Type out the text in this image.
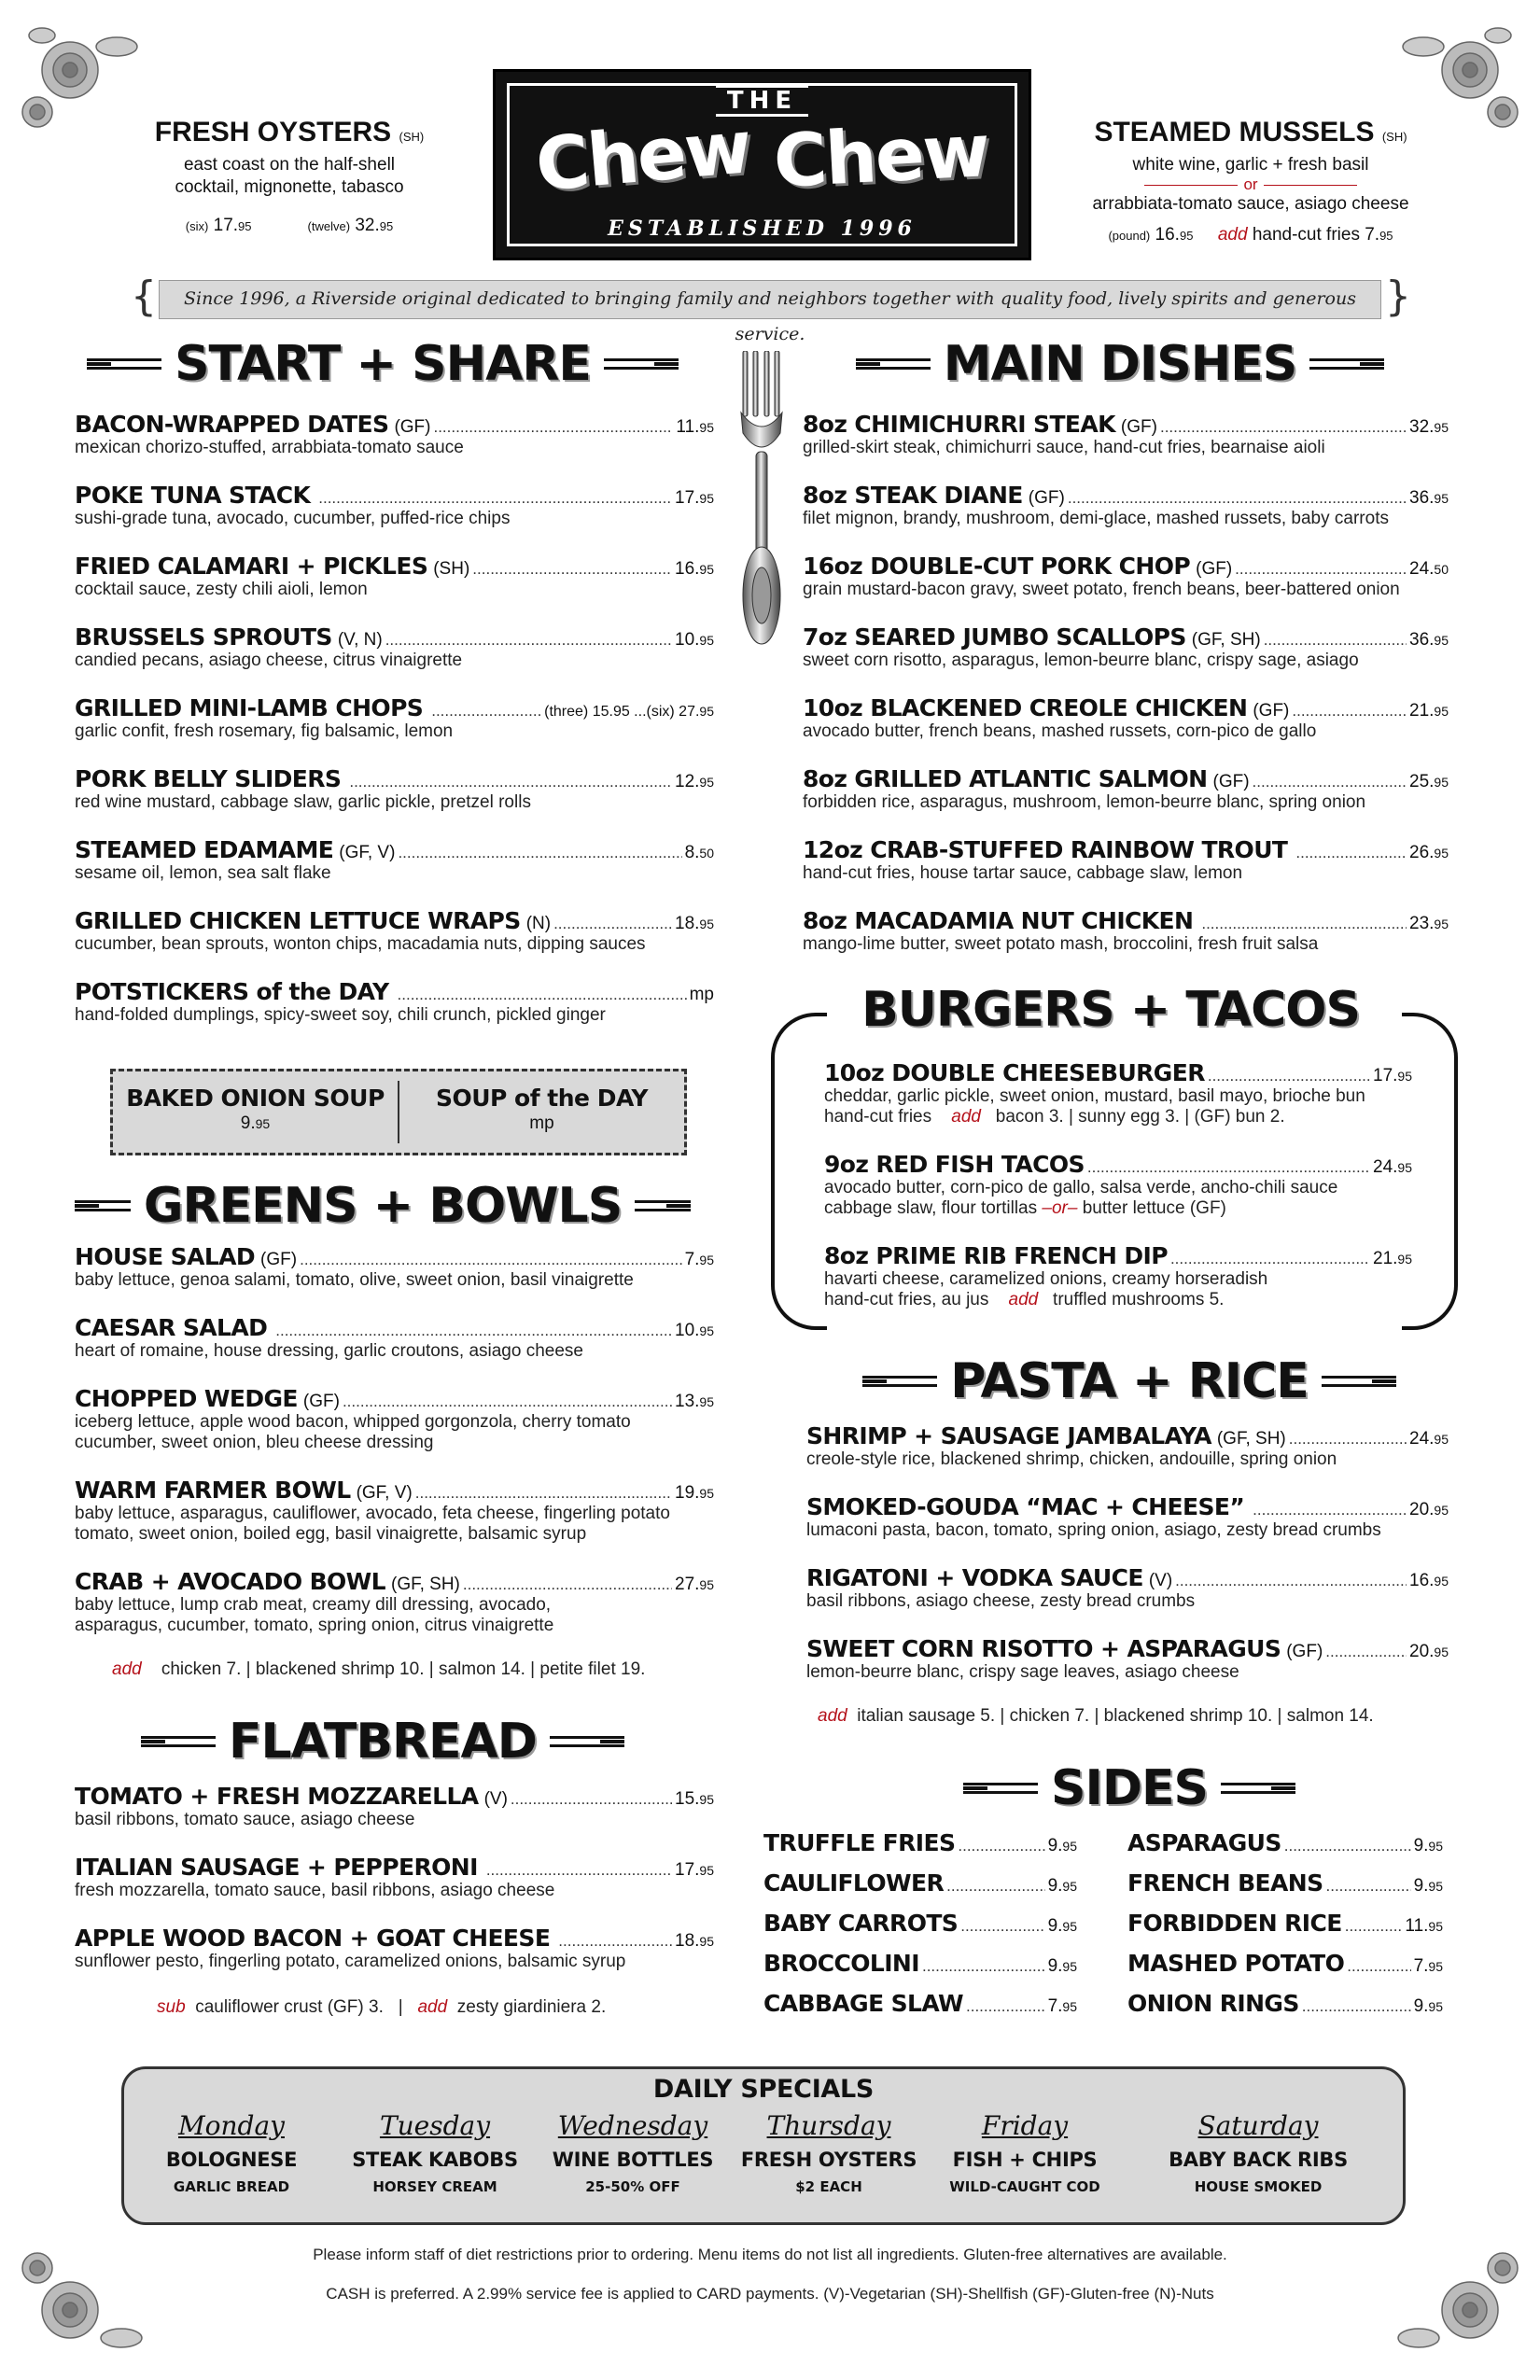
FRESH OYSTERS (SH)
east coast on the half-shell
cocktail, mignonette, tabasco
(six) 17.95	(twelve) 32.95
THE
Chew Chew
ESTABLISHED 1996
STEAMED MUSSELS (SH)
white wine, garlic + fresh basil
or
arrabbiata-tomato sauce, asiago cheese
(pound) 16.95 add hand-cut fries 7.95
{	Since 1996, a Riverside original dedicated to bringing family and neighbors together with quality food, lively spirits and generous service.
}
START + SHARE	MAIN DISHES
BACON-WRAPPED DATES (GF) .....	11.95
mexican chorizo-stuffed, arrabbiata-tomato sauce
POKE TUNA STACK .....	17.95
sushi-grade tuna, avocado, cucumber, puffed-rice chips
FRIED CALAMARI + PICKLES (SH) .....	16.95
cocktail sauce, zesty chili aioli, lemon
BRUSSELS SPROUTS (V, N) .....	10.95
candied pecans, asiago cheese, citrus vinaigrette
GRILLED MINI-LAMB CHOPS .....	(three) 15.95 ...(six) 27.95
garlic confit, fresh rosemary, fig balsamic, lemon
PORK BELLY SLIDERS .....	12.95
red wine mustard, cabbage slaw, garlic pickle, pretzel rolls
STEAMED EDAMAME (GF, V) .....	8.50
sesame oil, lemon, sea salt flake
GRILLED CHICKEN LETTUCE WRAPS (N) .....	18.95
cucumber, bean sprouts, wonton chips, macadamia nuts, dipping sauces
POTSTICKERS of the DAY .....	mp
hand-folded dumplings, spicy-sweet soy, chili crunch, pickled ginger
BAKED ONION SOUP
9.95
SOUP of the DAY
mp
GREENS + BOWLS
HOUSE SALAD (GF) .....	7.95
baby lettuce, genoa salami, tomato, olive, sweet onion, basil vinaigrette
CAESAR SALAD .....	10.95
heart of romaine, house dressing, garlic croutons, asiago cheese
CHOPPED WEDGE (GF) .....	13.95
iceberg lettuce, apple wood bacon, whipped gorgonzola, cherry tomato
cucumber, sweet onion, bleu cheese dressing
WARM FARMER BOWL (GF, V) .....	19.95
baby lettuce, asparagus, cauliflower, avocado, feta cheese, fingerling potato
tomato, sweet onion, boiled egg, basil vinaigrette, balsamic syrup
CRAB + AVOCADO BOWL (GF, SH) .....	27.95
baby lettuce, lump crab meat, creamy dill dressing, avocado,
asparagus, cucumber, tomato, spring onion, citrus vinaigrette
add chicken 7. | blackened shrimp 10. | salmon 14. | petite filet 19.
FLATBREAD
TOMATO + FRESH MOZZARELLA (V) .....	15.95
basil ribbons, tomato sauce, asiago cheese
ITALIAN SAUSAGE + PEPPERONI .....	17.95
fresh mozzarella, tomato sauce, basil ribbons, asiago cheese
APPLE WOOD BACON + GOAT CHEESE .....	18.95
sunflower pesto, fingerling potato, caramelized onions, balsamic syrup
sub cauliflower crust (GF) 3. | add zesty giardiniera 2.
8oz CHIMICHURRI STEAK (GF) .....	32.95
grilled-skirt steak, chimichurri sauce, hand-cut fries, bearnaise aioli
8oz STEAK DIANE (GF) .....	36.95
filet mignon, brandy, mushroom, demi-glace, mashed russets, baby carrots
16oz DOUBLE-CUT PORK CHOP (GF) .....	24.50
grain mustard-bacon gravy, sweet potato, french beans, beer-battered onion
7oz SEARED JUMBO SCALLOPS (GF, SH) .....	36.95
sweet corn risotto, asparagus, lemon-beurre blanc, crispy sage, asiago
10oz BLACKENED CREOLE CHICKEN (GF) .....	21.95
avocado butter, french beans, mashed russets, corn-pico de gallo
8oz GRILLED ATLANTIC SALMON (GF) .....	25.95
forbidden rice, asparagus, mushroom, lemon-beurre blanc, spring onion
12oz CRAB-STUFFED RAINBOW TROUT .....	26.95
hand-cut fries, house tartar sauce, cabbage slaw, lemon
8oz MACADAMIA NUT CHICKEN .....	23.95
mango-lime butter, sweet potato mash, broccolini, fresh fruit salsa
BURGERS + TACOS
10oz DOUBLE CHEESEBURGER .....	17.95
cheddar, garlic pickle, sweet onion, mustard, basil mayo, brioche bun
hand-cut fries add bacon 3. | sunny egg 3. | (GF) bun 2.
9oz RED FISH TACOS .....	24.95
avocado butter, corn-pico de gallo, salsa verde, ancho-chili sauce
cabbage slaw, flour tortillas –or– butter lettuce (GF)
8oz PRIME RIB FRENCH DIP .....	21.95
havarti cheese, caramelized onions, creamy horseradish
hand-cut fries, au jus add truffled mushrooms 5.
PASTA + RICE
SHRIMP + SAUSAGE JAMBALAYA (GF, SH) .....	24.95
creole-style rice, blackened shrimp, chicken, andouille, spring onion
SMOKED-GOUDA “MAC + CHEESE” .....	20.95
lumaconi pasta, bacon, tomato, spring onion, asiago, zesty bread crumbs
RIGATONI + VODKA SAUCE (V) .....	16.95
basil ribbons, asiago cheese, zesty bread crumbs
SWEET CORN RISOTTO + ASPARAGUS (GF) .....	20.95
lemon-beurre blanc, crispy sage leaves, asiago cheese
add italian sausage 5. | chicken 7. | blackened shrimp 10. | salmon 14.
SIDES
TRUFFLE FRIES .....	9.95 ASPARAGUS .....	9.95
CAULIFLOWER .....	9.95 FRENCH BEANS .....	9.95
BABY CARROTS .....	9.95 FORBIDDEN RICE .....	11.95
BROCCOLINI .....	9.95 MASHED POTATO .....	7.95
CABBAGE SLAW .....	7.95 ONION RINGS .....	9.95
DAILY SPECIALS
Monday
BOLOGNESE
GARLIC BREAD
Tuesday
STEAK KABOBS
HORSEY CREAM
Wednesday
WINE BOTTLES
25-50% OFF
Thursday
FRESH OYSTERS
$2 EACH
Friday
FISH + CHIPS
WILD-CAUGHT COD
Saturday
BABY BACK RIBS
HOUSE SMOKED
Please inform staff of diet restrictions prior to ordering. Menu items do not list all ingredients. Gluten-free alternatives are available.
CASH is preferred. A 2.99% service fee is applied to CARD payments. (V)-Vegetarian (SH)-Shellfish (GF)-Gluten-free (N)-Nuts
